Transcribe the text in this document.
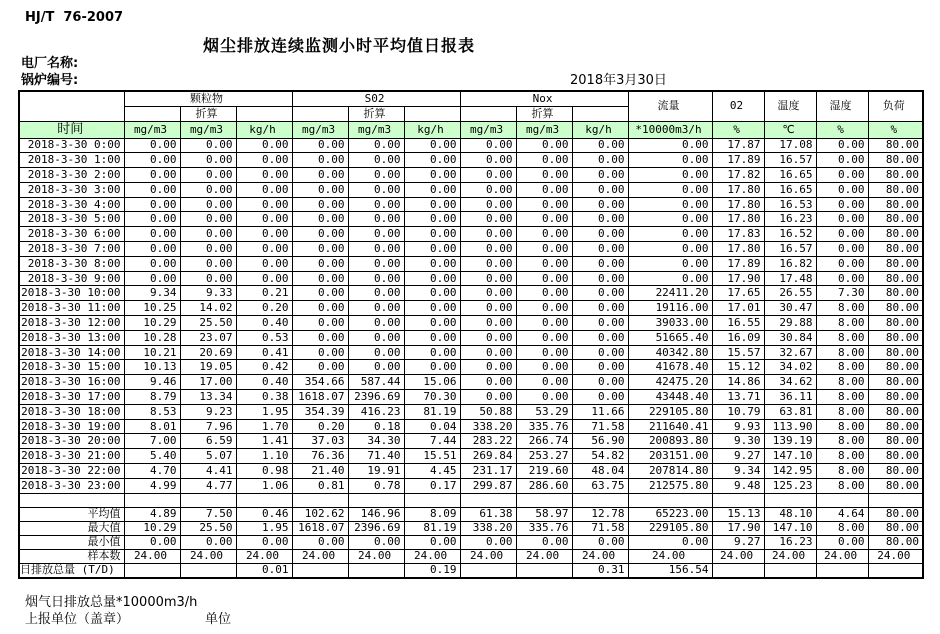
HJ/T  76-2007
烟尘排放连续监测小时平均值日报表
电厂名称:
锅炉编号:	2018年3月30日
	颗粒物			S02			Nox			流量	02	温度	湿度	负荷
		折算			折算			折算						
时间	mg/m3	mg/m3	kg/h	mg/m3	mg/m3	kg/h	mg/m3	mg/m3	kg/h	*10000m3/h	%	℃	%	%
2018-3-30 0:00	0.00	0.00	0.00	0.00	0.00	0.00	0.00	0.00	0.00	0.00	17.87	17.08	0.00	80.00
2018-3-30 1:00	0.00	0.00	0.00	0.00	0.00	0.00	0.00	0.00	0.00	0.00	17.89	16.57	0.00	80.00
2018-3-30 2:00	0.00	0.00	0.00	0.00	0.00	0.00	0.00	0.00	0.00	0.00	17.82	16.65	0.00	80.00
2018-3-30 3:00	0.00	0.00	0.00	0.00	0.00	0.00	0.00	0.00	0.00	0.00	17.80	16.65	0.00	80.00
2018-3-30 4:00	0.00	0.00	0.00	0.00	0.00	0.00	0.00	0.00	0.00	0.00	17.80	16.53	0.00	80.00
2018-3-30 5:00	0.00	0.00	0.00	0.00	0.00	0.00	0.00	0.00	0.00	0.00	17.80	16.23	0.00	80.00
2018-3-30 6:00	0.00	0.00	0.00	0.00	0.00	0.00	0.00	0.00	0.00	0.00	17.83	16.52	0.00	80.00
2018-3-30 7:00	0.00	0.00	0.00	0.00	0.00	0.00	0.00	0.00	0.00	0.00	17.80	16.57	0.00	80.00
2018-3-30 8:00	0.00	0.00	0.00	0.00	0.00	0.00	0.00	0.00	0.00	0.00	17.89	16.82	0.00	80.00
2018-3-30 9:00	0.00	0.00	0.00	0.00	0.00	0.00	0.00	0.00	0.00	0.00	17.90	17.48	0.00	80.00
2018-3-30 10:00	9.34	9.33	0.21	0.00	0.00	0.00	0.00	0.00	0.00	22411.20	17.65	26.55	7.30	80.00
2018-3-30 11:00	10.25	14.02	0.20	0.00	0.00	0.00	0.00	0.00	0.00	19116.00	17.01	30.47	8.00	80.00
2018-3-30 12:00	10.29	25.50	0.40	0.00	0.00	0.00	0.00	0.00	0.00	39033.00	16.55	29.88	8.00	80.00
2018-3-30 13:00	10.28	23.07	0.53	0.00	0.00	0.00	0.00	0.00	0.00	51665.40	16.09	30.84	8.00	80.00
2018-3-30 14:00	10.21	20.69	0.41	0.00	0.00	0.00	0.00	0.00	0.00	40342.80	15.57	32.67	8.00	80.00
2018-3-30 15:00	10.13	19.05	0.42	0.00	0.00	0.00	0.00	0.00	0.00	41678.40	15.12	34.02	8.00	80.00
2018-3-30 16:00	9.46	17.00	0.40	354.66	587.44	15.06	0.00	0.00	0.00	42475.20	14.86	34.62	8.00	80.00
2018-3-30 17:00	8.79	13.34	0.38	1618.07	2396.69	70.30	0.00	0.00	0.00	43448.40	13.71	36.11	8.00	80.00
2018-3-30 18:00	8.53	9.23	1.95	354.39	416.23	81.19	50.88	53.29	11.66	229105.80	10.79	63.81	8.00	80.00
2018-3-30 19:00	8.01	7.96	1.70	0.20	0.18	0.04	338.20	335.76	71.58	211640.41	9.93	113.90	8.00	80.00
2018-3-30 20:00	7.00	6.59	1.41	37.03	34.30	7.44	283.22	266.74	56.90	200893.80	9.30	139.19	8.00	80.00
2018-3-30 21:00	5.40	5.07	1.10	76.36	71.40	15.51	269.84	253.27	54.82	203151.00	9.27	147.10	8.00	80.00
2018-3-30 22:00	4.70	4.41	0.98	21.40	19.91	4.45	231.17	219.60	48.04	207814.80	9.34	142.95	8.00	80.00
2018-3-30 23:00	4.99	4.77	1.06	0.81	0.78	0.17	299.87	286.60	63.75	212575.80	9.48	125.23	8.00	80.00

平均值	4.89	7.50	0.46	102.62	146.96	8.09	61.38	58.97	12.78	65223.00	15.13	48.10	4.64	80.00
最大值	10.29	25.50	1.95	1618.07	2396.69	81.19	338.20	335.76	71.58	229105.80	17.90	147.10	8.00	80.00
最小值	0.00	0.00	0.00	0.00	0.00	0.00	0.00	0.00	0.00	0.00	9.27	16.23	0.00	80.00
样本数	24.00	24.00	24.00	24.00	24.00	24.00	24.00	24.00	24.00	24.00	24.00	24.00	24.00	24.00
日排放总量 (T/D)			0.01			0.19			0.31	156.54				
烟气日排放总量*10000m3/h
上报单位（盖章）	单位
